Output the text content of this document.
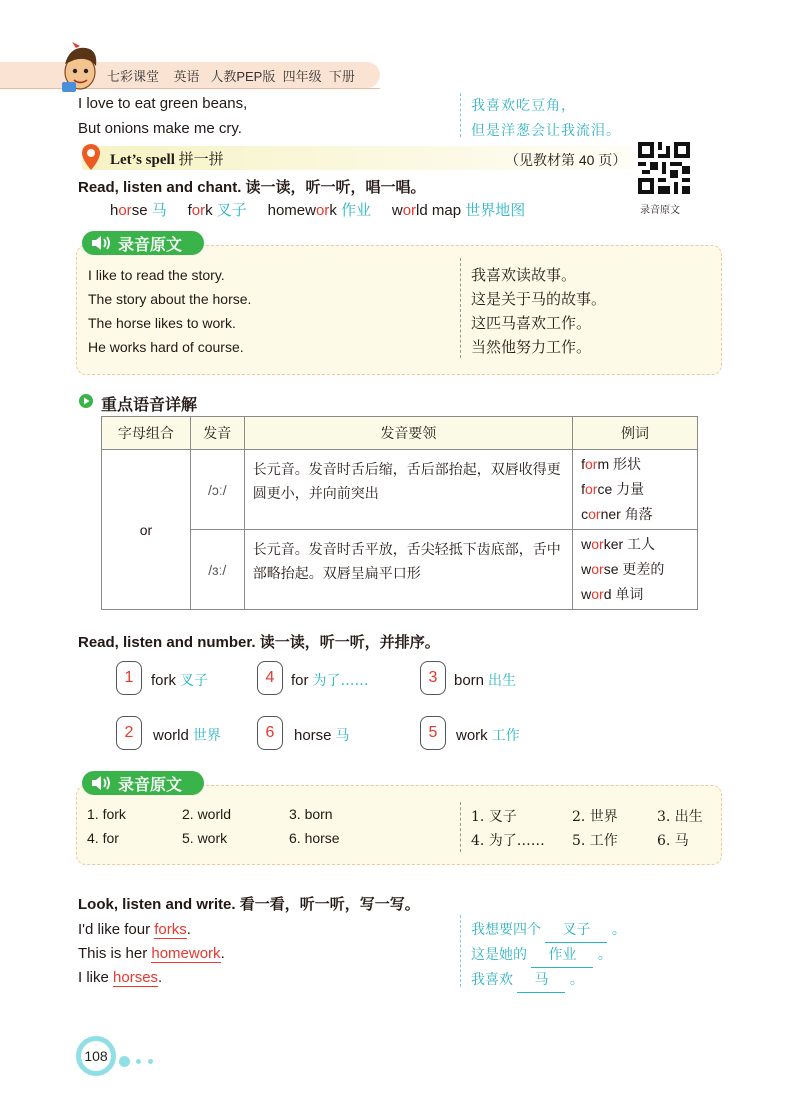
七彩课堂 英语 人教PEP版 四年级 下册
I love to eat green beans,
But onions make me cry.
我喜欢吃豆角，
但是洋葱会让我流泪。
Let’s spell 拼一拼	（见教材第 40 页）
录音原文
Read, listen and chant. 读一读，听一听，唱一唱。
horse 马 fork 叉子 homework 作业 world map 世界地图
录音原文
I like to read the story.
The story about the horse.
The horse likes to work.
He works hard of course.
我喜欢读故事。
这是关于马的故事。
这匹马喜欢工作。
当然他努力工作。
重点语音详解
字母组合	发音	发音要领	例词
or	/ɔː/	长元音。发音时舌后缩，舌后部抬起，双唇收得更圆更小，并向前突出	form 形状
force 力量
corner 角落

	/ɜː/	长元音。发音时舌平放，舌尖轻抵下齿底部，舌中部略抬起。双唇呈扁平口形	worker 工人
worse 更差的
word 单词
Read, listen and number. 读一读，听一听，并排序。
1	fork 叉子	4	for 为了……	3	born 出生
2	world 世界	6	horse 马	5	work 工作
录音原文
1. fork	2. world	3. born
4. for	5. work	6. horse
1. 叉子	2. 世界	3. 出生
4. 为了…… 5. 工作	6. 马
Look, listen and write. 看一看，听一听，写一写。
I'd like four forks.
This is her homework.
I like horses.
我想要四个 叉子 。
这是她的 作业 。
我喜欢 马 。
108
